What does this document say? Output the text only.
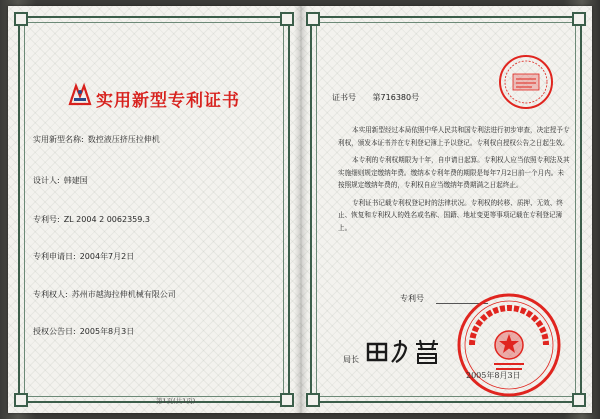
实用新型专利证书
实用新型名称: 数控液压挤压拉伸机
设计人: 韩建国
专利号: ZL 2004 2 0062359.3
专利申请日: 2004年7月2日
专利权人: 苏州市越海拉伸机械有限公司
授权公告日: 2005年8月3日
第1页(共1页)
证书号 第716380号

本实用新型经过本局依照中华人民共和国专利法进行初步审查，决定授予专利权，颁发本证书并在专利登记簿上予以登记。专利权自授权公告之日起生效。

本专利的专利权期限为十年，自申请日起算。专利权人应当依照专利法及其实施细则规定缴纳年费。缴纳本专利年费的期限是每年7月2日前一个月内。未按照规定缴纳年费的，专利权自应当缴纳年费期满之日起终止。

专利证书记载专利权登记时的法律状况。专利权的转移、质押、无效、终止、恢复和专利权人的姓名或名称、国籍、地址变更等事项记载在专利登记簿上。

专利号
局长
2005年8月3日
